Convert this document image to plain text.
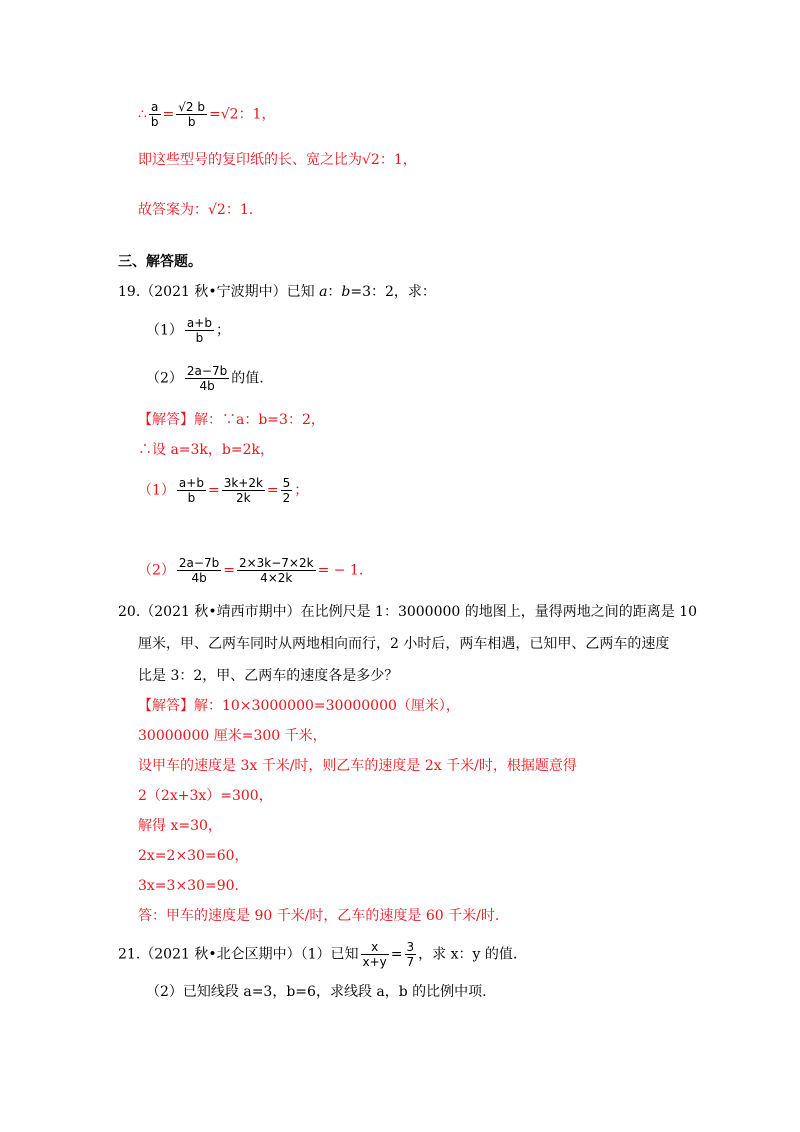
∴ $\frac{a}{b} = \frac{√2 b}{b} =√2$：1，
即这些型号的复印纸的长、宽之比为√2：1，
故答案为：√2：1.
三、解答题。
19.（2021 秋•宁波期中）已知 a：b=3：2，求：
$(1) \frac{a+b}{b}$ ；
$(2) \frac{2a-7b}{4b}$ 的值.
【解答】解：∵a：b=3：2，
∴设 a=3k，b=2k，
$(1) \frac{a+b}{b} = \frac{3k+2k}{2k} = \frac{5}{2}$ ；
$(2) \frac{2a-7b}{4b} = \frac{2\times 3k-7\times 2k}{4\times 2k}$ = − 1.
20.（2021 秋•靖西市期中）在比例尺是 1：3000000 的地图上，量得两地之间的距离是 10
厘米，甲、乙两车同时从两地相向而行，2 小时后，两车相遇，已知甲、乙两车的速度
比是 3：2，甲、乙两车的速度各是多少？
【解答】解：10×3000000=30000000（厘米），
30000000 厘米=300 千米，
设甲车的速度是 3x 千米/时，则乙车的速度是 2x 千米/时，根据题意得
2（2x+3x）=300，
解得 x=30，
2x=2×30=60，
3x=3×30=90.
答：甲车的速度是 90 千米/时，乙车的速度是 60 千米/时.
21.（2021 秋•北仑区期中）（1）已知 $\frac{x}{x+y} = \frac{3}{7}$ ，求 x：y 的值.
（2）已知线段 a=3，b=6，求线段 a，b 的比例中项.
